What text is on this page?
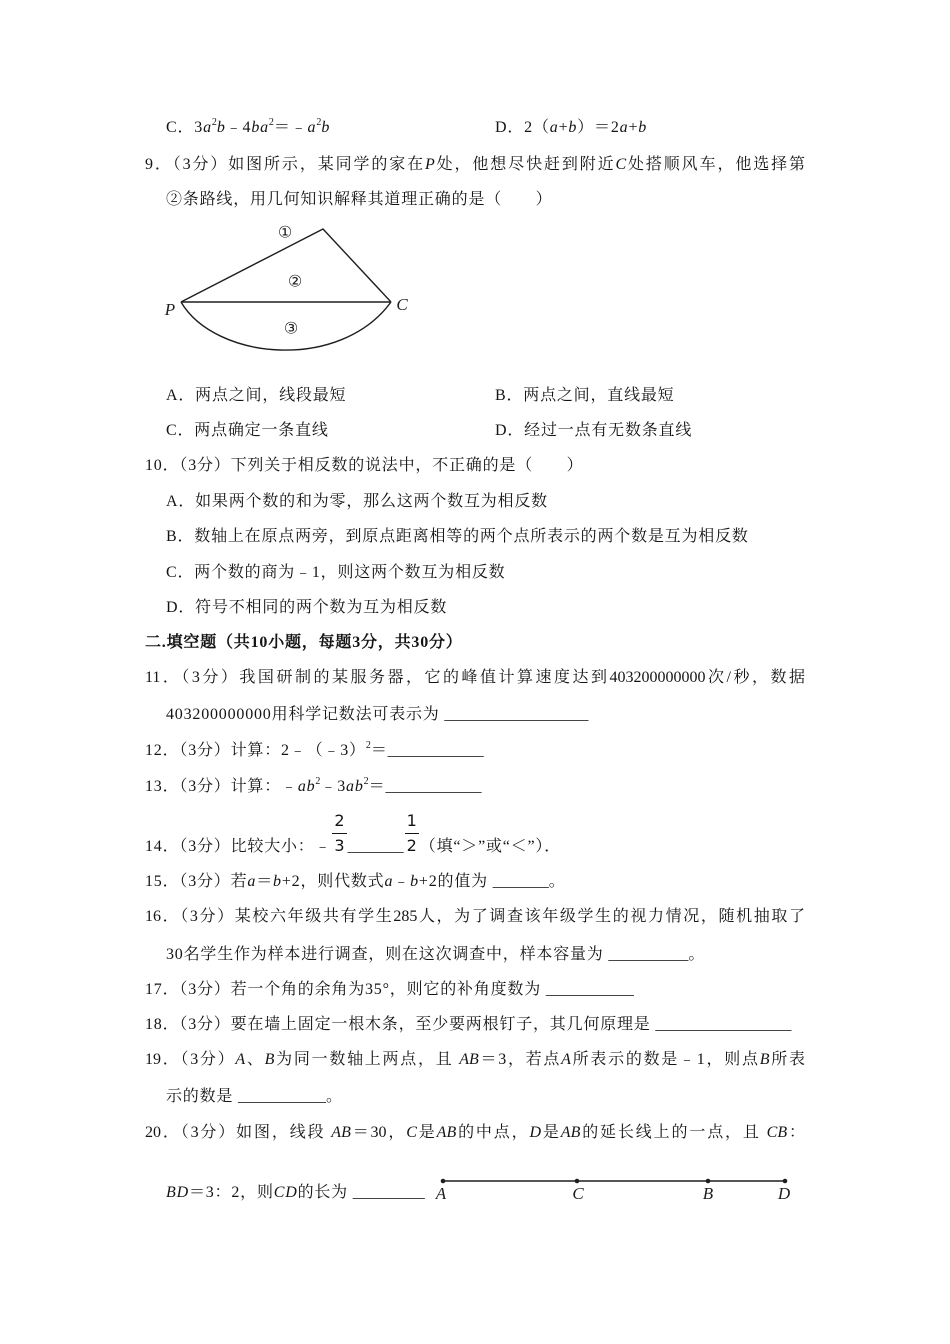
C．$3a^2b﹣4ba^2=﹣a^2b$	D．2（a+b）＝2a+b
9．（3分）如图所示，某同学的家在P处，他想尽快赶到附近C处搭顺风车，他选择第
②条路线，用几何知识解释其道理正确的是（　　）
①
②
③
P	C
A．两点之间，线段最短	B．两点之间，直线最短
C．两点确定一条直线	D．经过一点有无数条直线
10．（3分）下列关于相反数的说法中，不正确的是（　　）
A．如果两个数的和为零，那么这两个数互为相反数
B．数轴上在原点两旁，到原点距离相等的两个点所表示的两个数是互为相反数
C．两个数的商为﹣1，则这两个数互为相反数
D．符号不相同的两个数为互为相反数
二.填空题（共10小题，每题3分，共30分）
11．（3分）我国研制的某服务器，它的峰值计算速度达到403200000000次/秒，数据
403200000000用科学记数法可表示为 __________________
12．（3分）计算：2﹣（﹣3）$^2$＝____________
13．（3分）计算：$﹣ab^2﹣3ab^2=\_\_\_\_\_\_\_\_\_\_\_\_$
14．（3分）比较大小：﹣ $\frac{2}{3}$ _______ $\frac{1}{2}$ （填“＞”或“＜”）．
15．（3分）若a＝b+2，则代数式a﹣b+2的值为 _______。
16．（3分）某校六年级共有学生285人，为了调查该年级学生的视力情况，随机抽取了
30名学生作为样本进行调查，则在这次调查中，样本容量为 __________。
17．（3分）若一个角的余角为35°，则它的补角度数为 ___________
18．（3分）要在墙上固定一根木条，至少要两根钉子，其几何原理是 _________________
19．（3分）A、B为同一数轴上两点，且 AB＝3，若点A所表示的数是﹣1，则点B所表
示的数是 ___________。
20．（3分）如图，线段 AB＝30，C是AB的中点，D是AB的延长线上的一点，且 CB：
BD＝3：2，则CD的长为 _________ A	C	B	D
